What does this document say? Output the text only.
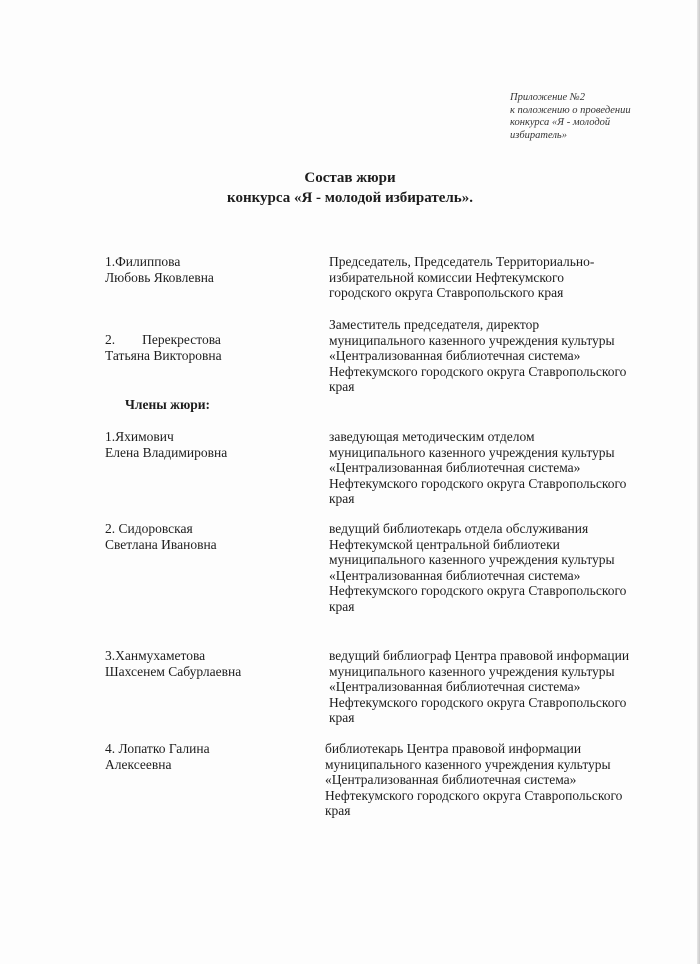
Приложение №2
к положению о проведении
конкурса «Я - молодой
избиратель»
Состав жюри
конкурса «Я - молодой избиратель».
1.Филиппова
Любовь Яковлевна
Председатель, Председатель Территориально-
избирательной комиссии Нефтекумского
городского округа Ставропольского края
2.        Перекрестова
Татьяна Викторовна
Заместитель председателя, директор
муниципального казенного учреждения культуры
«Централизованная библиотечная система»
Нефтекумского городского округа Ставропольского
края
Члены жюри:
1.Яхимович
Елена Владимировна
заведующая методическим отделом
муниципального казенного учреждения культуры
«Централизованная библиотечная система»
Нефтекумского городского округа Ставропольского
края
2. Сидоровская
Светлана Ивановна
ведущий библиотекарь отдела обслуживания
Нефтекумской центральной библиотеки
муниципального казенного учреждения культуры
«Централизованная библиотечная система»
Нефтекумского городского округа Ставропольского
края
3.Ханмухаметова
Шахсенем Сабурлаевна
ведущий библиограф Центра правовой информации
муниципального казенного учреждения культуры
«Централизованная библиотечная система»
Нефтекумского городского округа Ставропольского
края
4. Лопатко Галина
Алексеевна
библиотекарь Центра правовой информации
муниципального казенного учреждения культуры
«Централизованная библиотечная система»
Нефтекумского городского округа Ставропольского
края
